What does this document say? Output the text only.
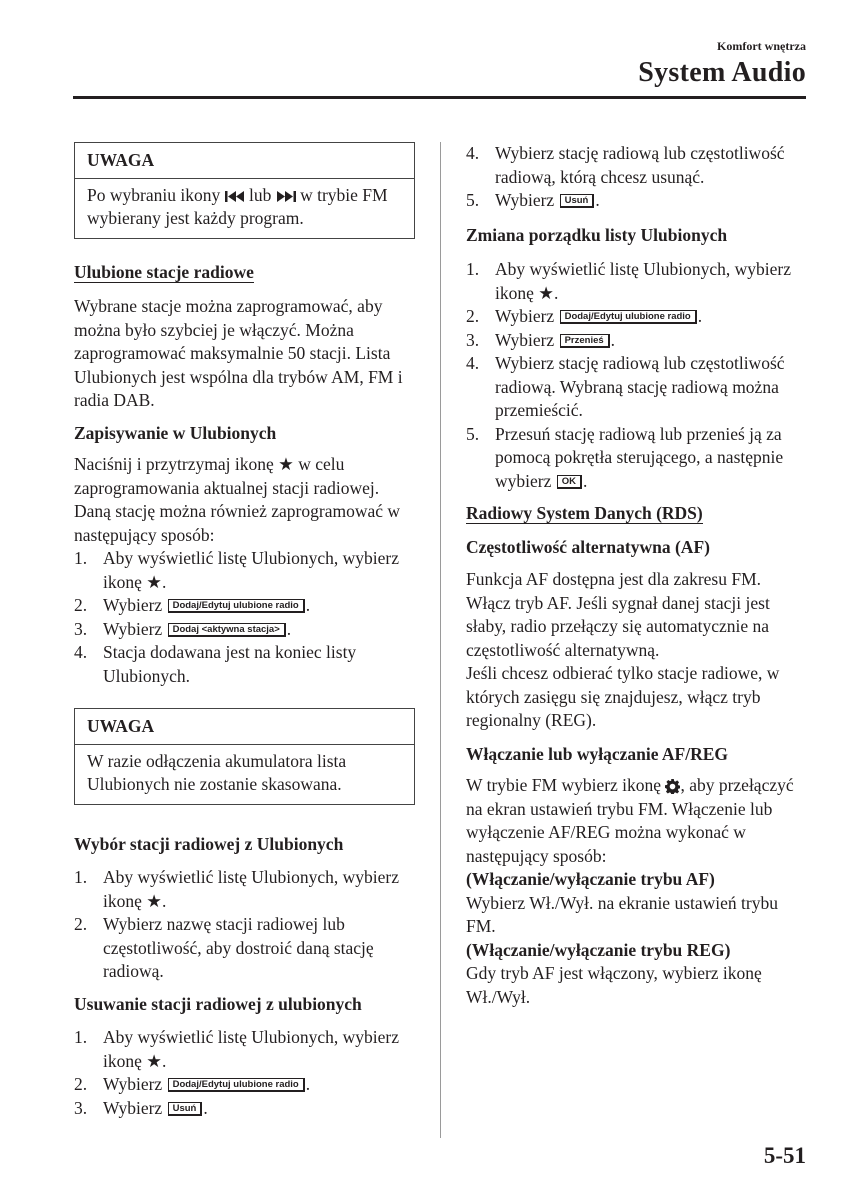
Komfort wnętrza
System Audio
UWAGA
Po wybraniu ikony lub w trybie FM wybierany jest każdy program.
Ulubione stacje radiowe

Wybrane stacje można zaprogramować, aby można było szybciej je włączyć. Można zaprogramować maksymalnie 50 stacji. Lista Ulubionych jest wspólna dla trybów AM, FM i radia DAB.

Zapisywanie w Ulubionych

Naciśnij i przytrzymaj ikonę ★ w celu zaprogramowania aktualnej stacji radiowej. Daną stację można również zaprogramować w następujący sposób:

1. Aby wyświetlić listę Ulubionych, wybierz ikonę ★.
2. Wybierz Dodaj/Edytuj ulubione radio .
3. Wybierz Dodaj <aktywna stacja> .
4. Stacja dodawana jest na koniec listy Ulubionych.
UWAGA
W razie odłączenia akumulatora lista Ulubionych nie zostanie skasowana.
Wybór stacji radiowej z Ulubionych
1. Aby wyświetlić listę Ulubionych, wybierz ikonę ★.
2. Wybierz nazwę stacji radiowej lub częstotliwość, aby dostroić daną stację radiową.
Usuwanie stacji radiowej z ulubionych
1. Aby wyświetlić listę Ulubionych, wybierz ikonę ★.
2. Wybierz Dodaj/Edytuj ulubione radio .
3. Wybierz Usuń .
4. Wybierz stację radiową lub częstotliwość radiową, którą chcesz usunąć.
5. Wybierz Usuń .
Zmiana porządku listy Ulubionych
1. Aby wyświetlić listę Ulubionych, wybierz ikonę ★.
2. Wybierz Dodaj/Edytuj ulubione radio .
3. Wybierz Przenieś .
4. Wybierz stację radiową lub częstotliwość radiową. Wybraną stację radiową można przemieścić.
5. Przesuń stację radiową lub przenieś ją za pomocą pokrętła sterującego, a następnie wybierz OK .
Radiowy System Danych (RDS)
Częstotliwość alternatywna (AF)

Funkcja AF dostępna jest dla zakresu FM. Włącz tryb AF. Jeśli sygnał danej stacji jest słaby, radio przełączy się automatycznie na częstotliwość alternatywną.

Jeśli chcesz odbierać tylko stacje radiowe, w których zasięgu się znajdujesz, włącz tryb regionalny (REG).

Włączanie lub wyłączanie AF/REG

W trybie FM wybierz ikonę , aby przełączyć na ekran ustawień trybu FM. Włączenie lub wyłączenie AF/REG można wykonać w następujący sposób:

(Włączanie/wyłączanie trybu AF)

Wybierz Wł./Wył. na ekranie ustawień trybu FM.

(Włączanie/wyłączanie trybu REG)

Gdy tryb AF jest włączony, wybierz ikonę Wł./Wył.

5-51
